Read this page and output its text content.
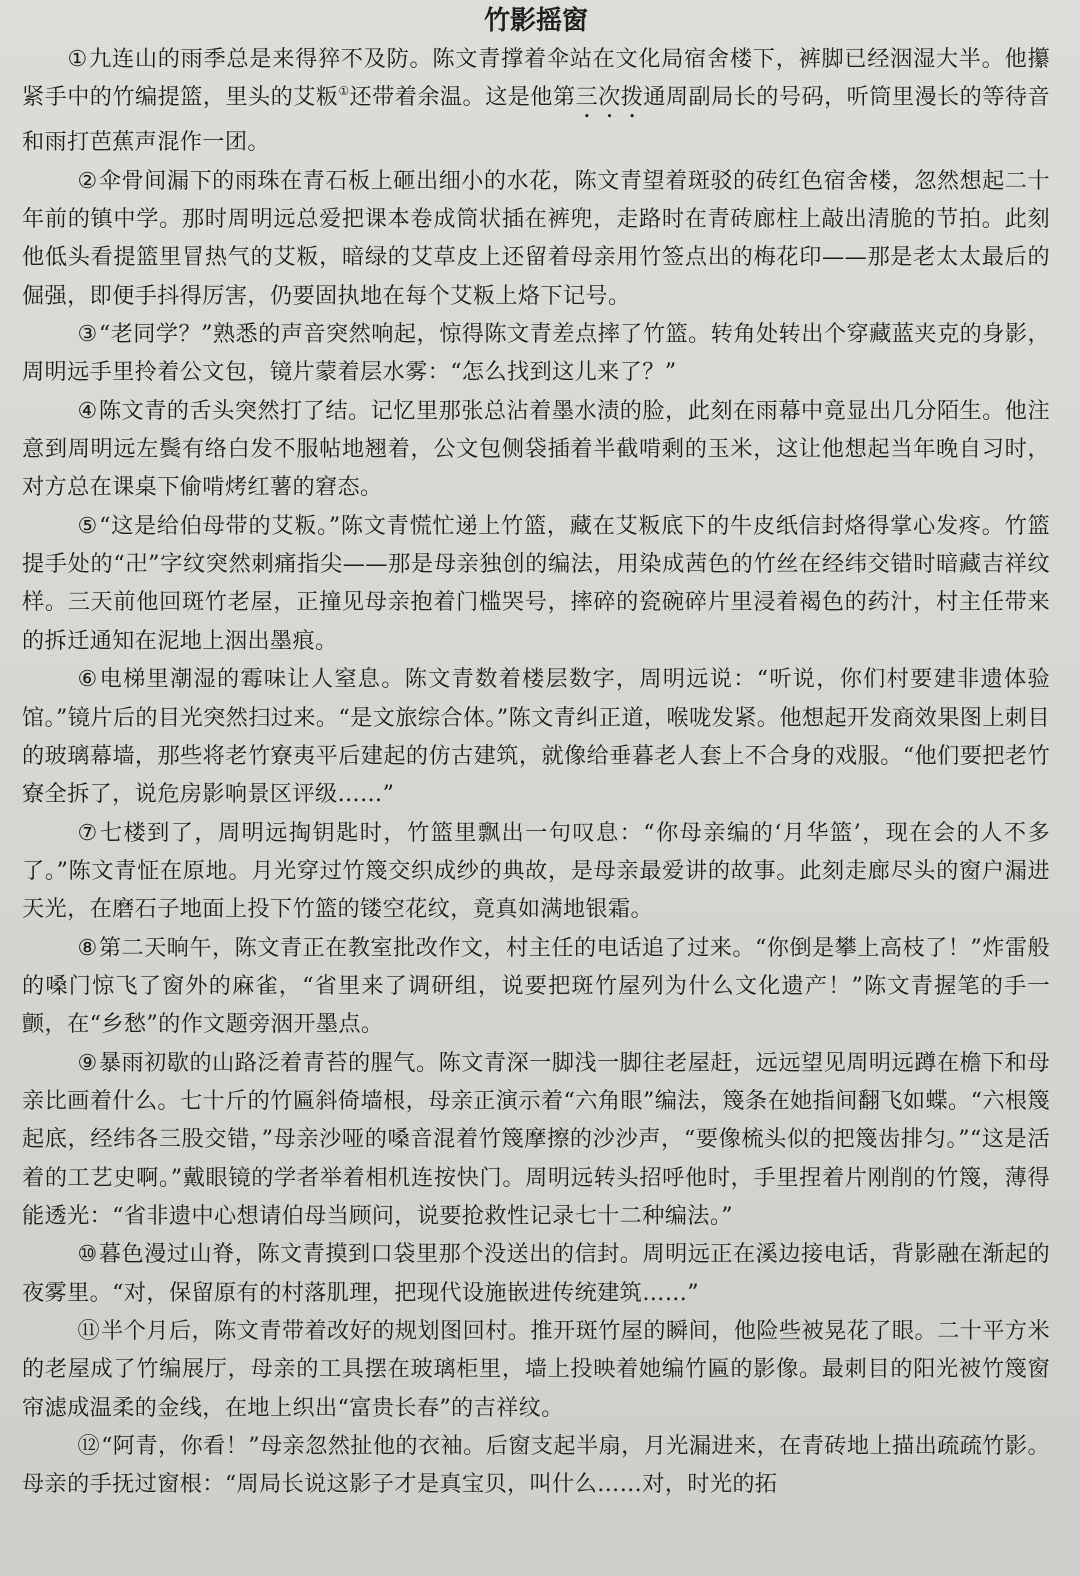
竹影摇窗

①九连山的雨季总是来得猝不及防。陈文青撑着伞站在文化局宿舍楼下，裤脚已经洇湿大半。他攥紧手中的竹编提篮，里头的艾粄①还带着余温。这是他第三次拨通周副局长的号码，听筒里漫长的等待音和雨打芭蕉声混作一团。

②伞骨间漏下的雨珠在青石板上砸出细小的水花，陈文青望着斑驳的砖红色宿舍楼，忽然想起二十年前的镇中学。那时周明远总爱把课本卷成筒状插在裤兜，走路时在青砖廊柱上敲出清脆的节拍。此刻他低头看提篮里冒热气的艾粄，暗绿的艾草皮上还留着母亲用竹签点出的梅花印——那是老太太最后的倔强，即便手抖得厉害，仍要固执地在每个艾粄上烙下记号。

③“老同学？”熟悉的声音突然响起，惊得陈文青差点摔了竹篮。转角处转出个穿藏蓝夹克的身影，周明远手里拎着公文包，镜片蒙着层水雾：“怎么找到这儿来了？”

④陈文青的舌头突然打了结。记忆里那张总沾着墨水渍的脸，此刻在雨幕中竟显出几分陌生。他注意到周明远左鬓有络白发不服帖地翘着，公文包侧袋插着半截啃剩的玉米，这让他想起当年晚自习时，对方总在课桌下偷啃烤红薯的窘态。

⑤“这是给伯母带的艾粄。”陈文青慌忙递上竹篮，藏在艾粄底下的牛皮纸信封烙得掌心发疼。竹篮提手处的“卍”字纹突然刺痛指尖——那是母亲独创的编法，用染成茜色的竹丝在经纬交错时暗藏吉祥纹样。三天前他回斑竹老屋，正撞见母亲抱着门槛哭号，摔碎的瓷碗碎片里浸着褐色的药汁，村主任带来的拆迁通知在泥地上洇出墨痕。

⑥电梯里潮湿的霉味让人窒息。陈文青数着楼层数字，周明远说：“听说，你们村要建非遗体验馆。”镜片后的目光突然扫过来。“是文旅综合体。”陈文青纠正道，喉咙发紧。他想起开发商效果图上刺目的玻璃幕墙，那些将老竹寮夷平后建起的仿古建筑，就像给垂暮老人套上不合身的戏服。“他们要把老竹寮全拆了，说危房影响景区评级……”

⑦七楼到了，周明远掏钥匙时，竹篮里飘出一句叹息：“你母亲编的‘月华篮’，现在会的人不多了。”陈文青怔在原地。月光穿过竹篾交织成纱的典故，是母亲最爱讲的故事。此刻走廊尽头的窗户漏进天光，在磨石子地面上投下竹篮的镂空花纹，竟真如满地银霜。

⑧第二天晌午，陈文青正在教室批改作文，村主任的电话追了过来。“你倒是攀上高枝了！”炸雷般的嗓门惊飞了窗外的麻雀，“省里来了调研组，说要把斑竹屋列为什么文化遗产！”陈文青握笔的手一颤，在“乡愁”的作文题旁洇开墨点。

⑨暴雨初歇的山路泛着青苔的腥气。陈文青深一脚浅一脚往老屋赶，远远望见周明远蹲在檐下和母亲比画着什么。七十斤的竹匾斜倚墙根，母亲正演示着“六角眼”编法，篾条在她指间翻飞如蝶。“六根篾起底，经纬各三股交错，”母亲沙哑的嗓音混着竹篾摩擦的沙沙声，“要像梳头似的把篾齿排匀。”“这是活着的工艺史啊。”戴眼镜的学者举着相机连按快门。周明远转头招呼他时，手里捏着片刚削的竹篾，薄得能透光：“省非遗中心想请伯母当顾问，说要抢救性记录七十二种编法。”

⑩暮色漫过山脊，陈文青摸到口袋里那个没送出的信封。周明远正在溪边接电话，背影融在渐起的夜雾里。“对，保留原有的村落肌理，把现代设施嵌进传统建筑……”

⑪半个月后，陈文青带着改好的规划图回村。推开斑竹屋的瞬间，他险些被晃花了眼。二十平方米的老屋成了竹编展厅，母亲的工具摆在玻璃柜里，墙上投映着她编竹匾的影像。最刺目的阳光被竹篾窗帘滤成温柔的金线，在地上织出“富贵长春”的吉祥纹。

⑫“阿青，你看！”母亲忽然扯他的衣袖。后窗支起半扇，月光漏进来，在青砖地上描出疏疏竹影。母亲的手抚过窗根：“周局长说这影子才是真宝贝，叫什么……对，时光的拓
